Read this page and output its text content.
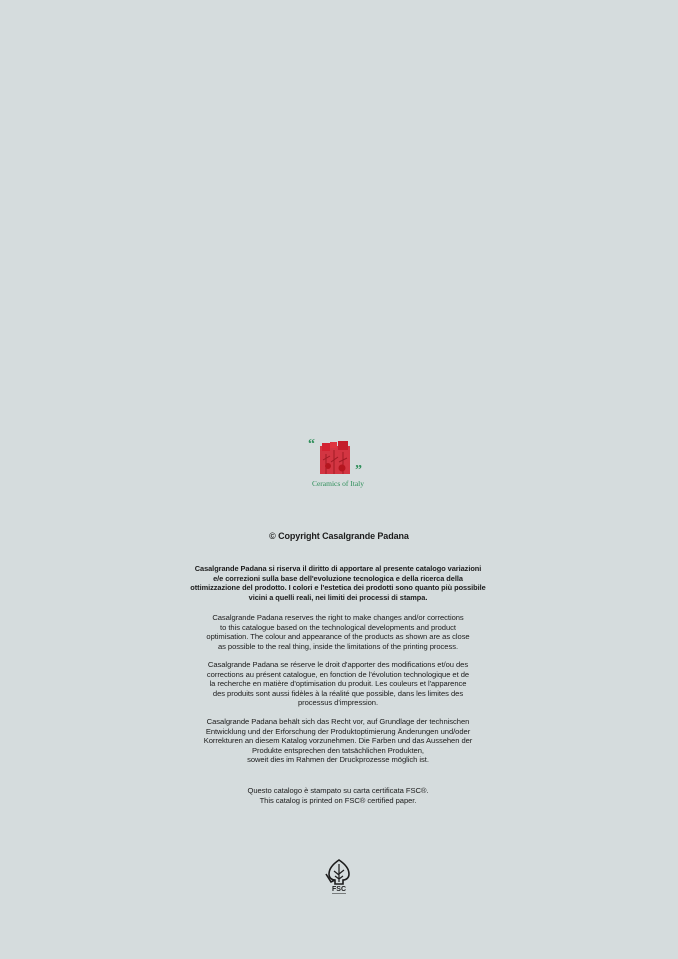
“
”
Ceramics of Italy
© Copyright Casalgrande Padana
Casalgrande Padana si riserva il diritto di apportare al presente catalogo variazioni
e/e correzioni sulla base dell'evoluzione tecnologica e della ricerca della
ottimizzazione del prodotto. I colori e l'estetica dei prodotti sono quanto più possibile
vicini a quelli reali, nei limiti dei processi di stampa.
Casalgrande Padana reserves the right to make changes and/or corrections
to this catalogue based on the technological developments and product
optimisation. The colour and appearance of the products as shown are as close
as possible to the real thing, inside the limitations of the printing process.
Casalgrande Padana se réserve le droit d'apporter des modifications et/ou des
corrections au présent catalogue, en fonction de l'évolution technologique et de
la recherche en matière d'optimisation du produit. Les couleurs et l'apparence
des produits sont aussi fidèles à la réalité que possible, dans les limites des
processus d'impression.
Casalgrande Padana behält sich das Recht vor, auf Grundlage der technischen
Entwicklung und der Erforschung der Produktoptimierung Änderungen und/oder
Korrekturen an diesem Katalog vorzunehmen. Die Farben und das Aussehen der
Produkte entsprechen den tatsächlichen Produkten,
soweit dies im Rahmen der Druckprozesse möglich ist.
Questo catalogo è stampato su carta certificata FSC®.
This catalog is printed on FSC® certified paper.
FSC
